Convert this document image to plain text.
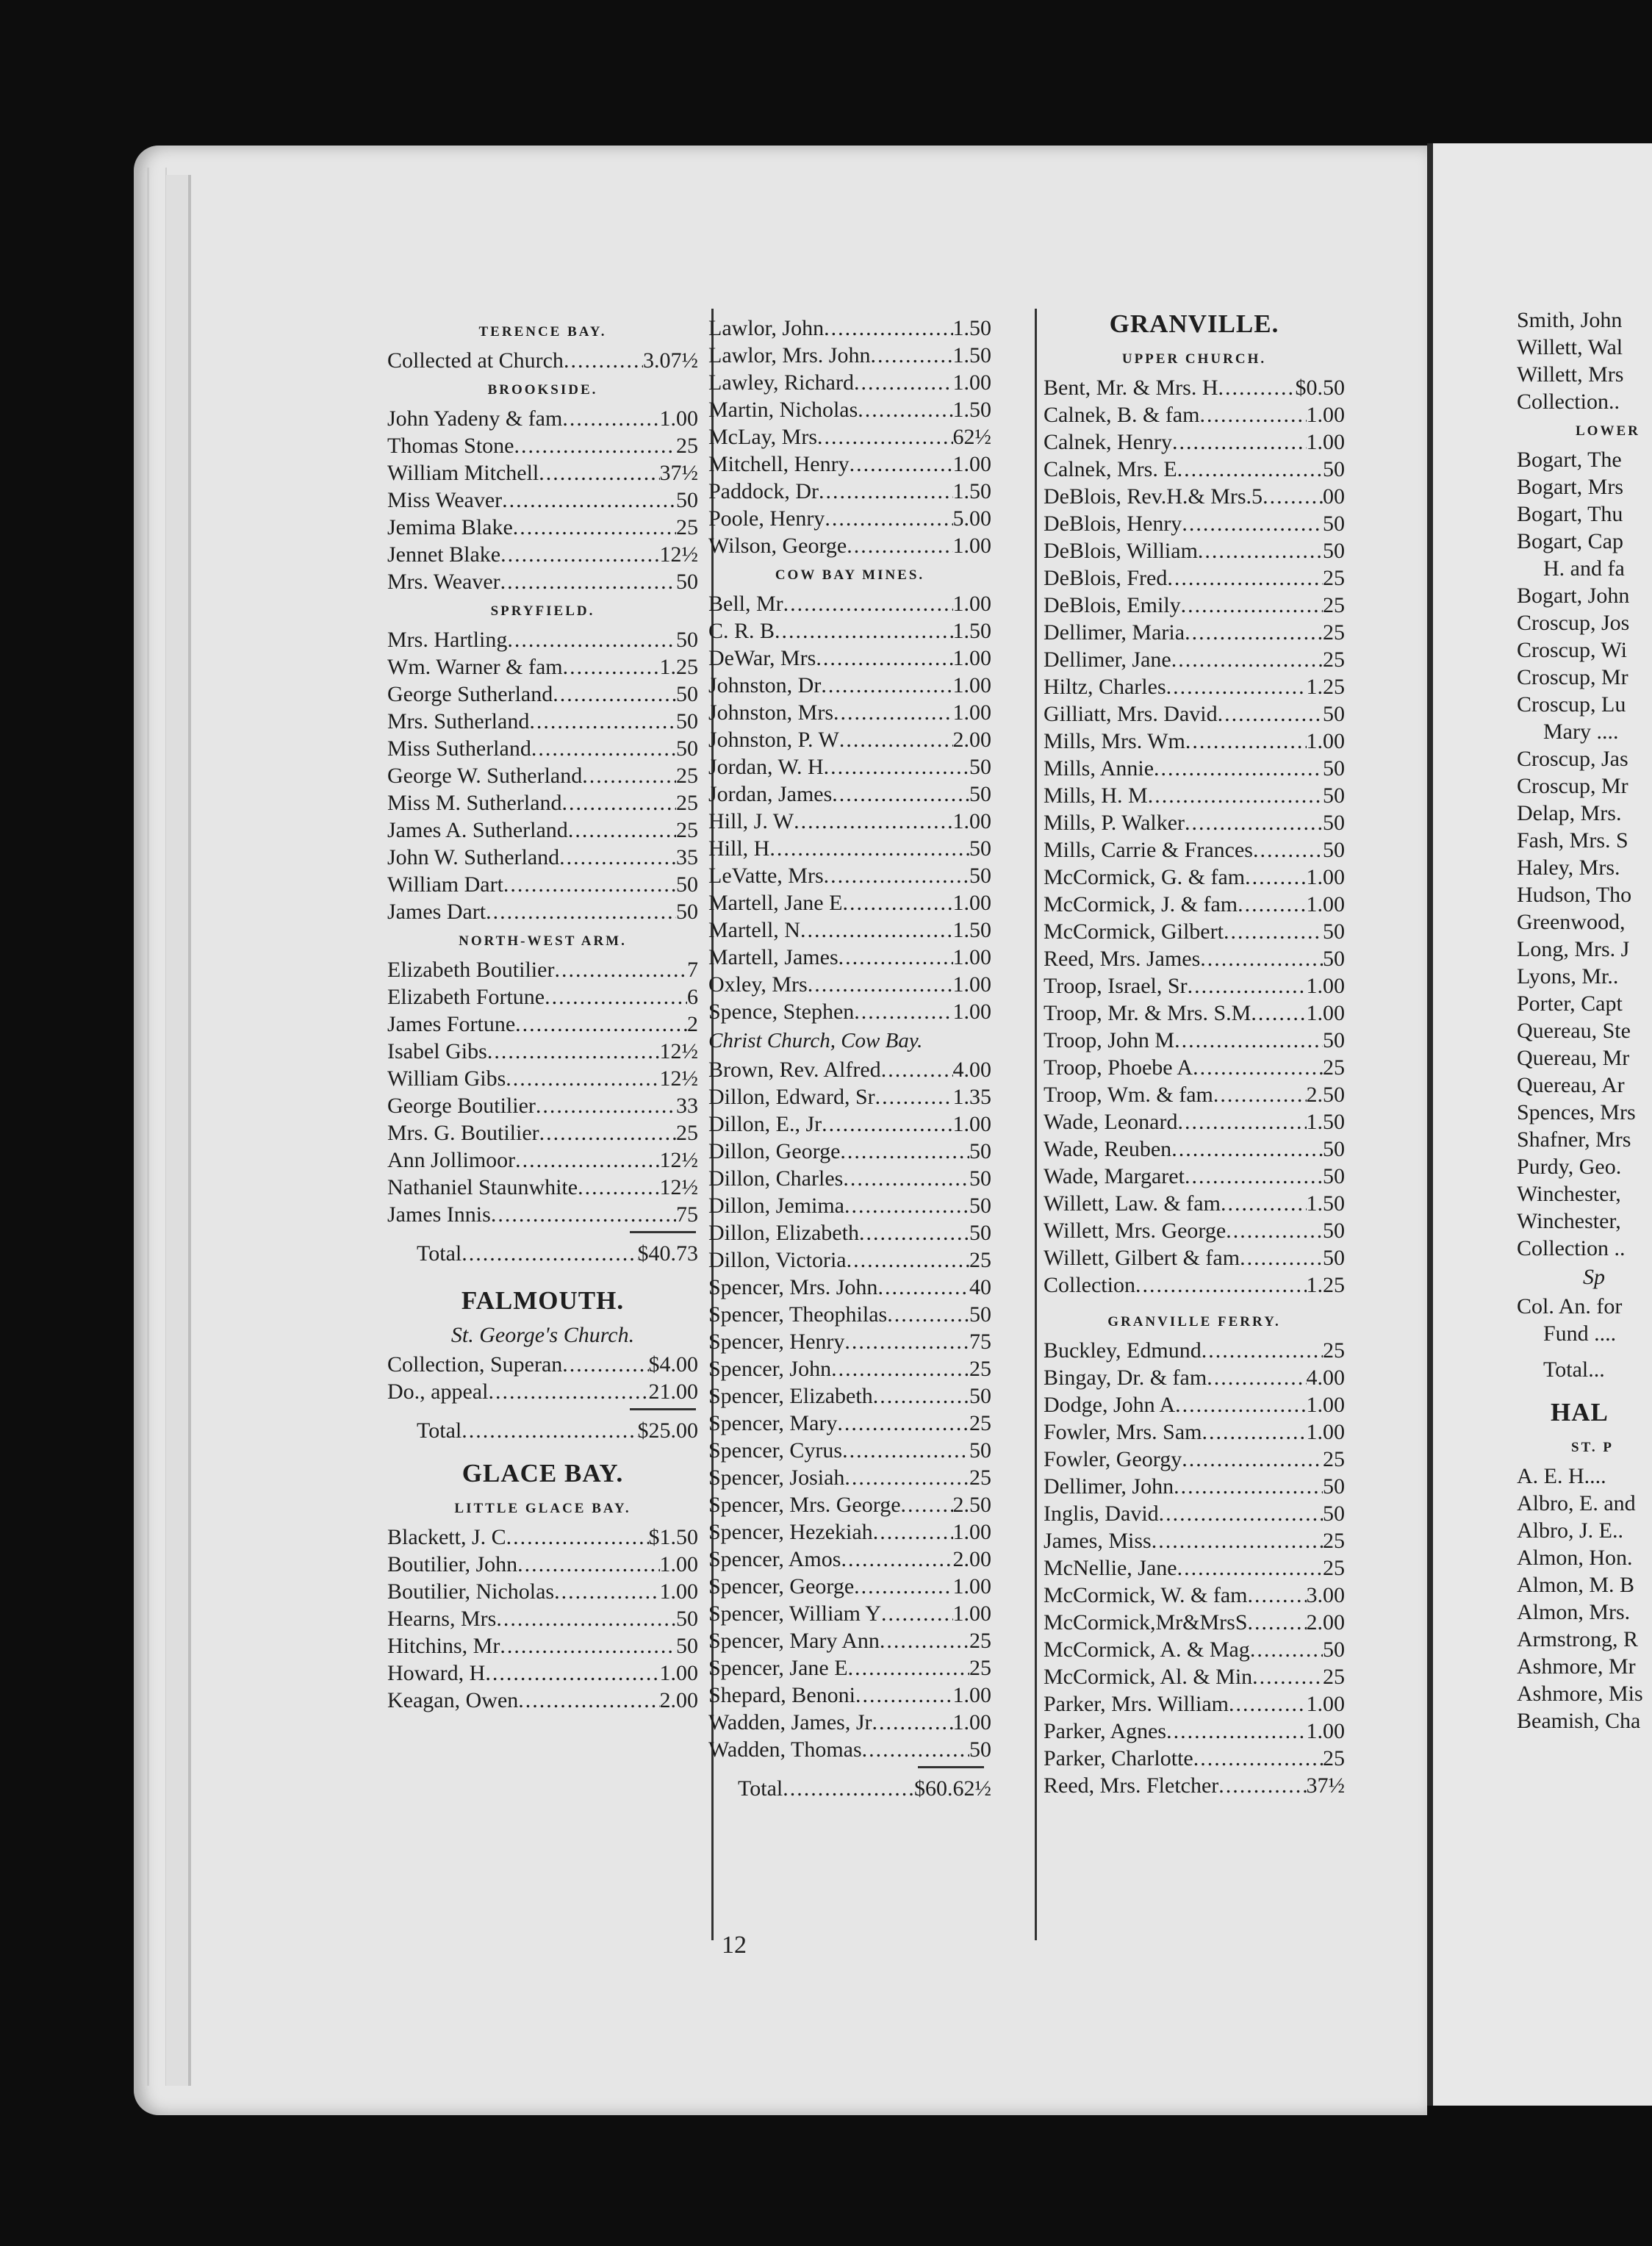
TERENCE BAY.
Collected at Church .....	3.07½
BROOKSIDE.
John Yadeny & fam .....	1.00
Thomas Stone .....	25
William Mitchell .....	37½
Miss Weaver .....	50
Jemima Blake .....	25
Jennet Blake .....	12½
Mrs. Weaver .....	50
SPRYFIELD.
Mrs. Hartling .....	50
Wm. Warner & fam .....	1.25
George Sutherland .....	50
Mrs. Sutherland .....	50
Miss Sutherland .....	50
George W. Sutherland .....	25
Miss M. Sutherland .....	25
James A. Sutherland .....	25
John W. Sutherland .....	35
William Dart .....	50
James Dart .....	50
NORTH-WEST ARM.
Elizabeth Boutilier .....	7
Elizabeth Fortune .....	6
James Fortune .....	2
Isabel Gibs .....	12½
William Gibs .....	12½
George Boutilier .....	33
Mrs. G. Boutilier .....	25
Ann Jollimoor .....	12½
Nathaniel Staunwhite .....	12½
James Innis .....	75
Total .....	$40.73
FALMOUTH.
St. George's Church.
Collection, Superan .....	$4.00
Do., appeal .....	21.00
Total .....	$25.00
GLACE BAY.
LITTLE GLACE BAY.
Blackett, J. C .....	$1.50
Boutilier, John .....	1.00
Boutilier, Nicholas .....	1.00
Hearns, Mrs .....	50
Hitchins, Mr .....	50
Howard, H .....	1.00
Keagan, Owen .....	2.00
Lawlor, John .....	1.50
Lawlor, Mrs. John .....	1.50
Lawley, Richard .....	1.00
Martin, Nicholas .....	1.50
McLay, Mrs .....	62½
Mitchell, Henry .....	1.00
Paddock, Dr .....	1.50
Poole, Henry .....	5.00
Wilson, George .....	1.00
COW BAY MINES.
Bell, Mr .....	1.00
C. R. B .....	1.50
DeWar, Mrs .....	1.00
Johnston, Dr .....	1.00
Johnston, Mrs .....	1.00
Johnston, P. W .....	2.00
Jordan, W. H .....	50
Jordan, James .....	50
Hill, J. W .....	1.00
Hill, H .....	50
LeVatte, Mrs .....	50
Martell, Jane E .....	1.00
Martell, N .....	1.50
Martell, James .....	1.00
Oxley, Mrs .....	1.00
Spence, Stephen .....	1.00
Christ Church, Cow Bay.
Brown, Rev. Alfred .....	4.00
Dillon, Edward, Sr .....	1.35
Dillon, E., Jr .....	1.00
Dillon, George .....	50
Dillon, Charles .....	50
Dillon, Jemima .....	50
Dillon, Elizabeth .....	50
Dillon, Victoria .....	25
Spencer, Mrs. John .....	40
Spencer, Theophilas .....	50
Spencer, Henry .....	75
Spencer, John .....	25
Spencer, Elizabeth .....	50
Spencer, Mary .....	25
Spencer, Cyrus .....	50
Spencer, Josiah .....	25
Spencer, Mrs. George ..... 2.50
Spencer, Hezekiah .....	1.00
Spencer, Amos .....	2.00
Spencer, George .....	1.00
Spencer, William Y .....	1.00
Spencer, Mary Ann .....	25
Spencer, Jane E .....	25
Shepard, Benoni .....	1.00
Wadden, James, Jr .....	1.00
Wadden, Thomas .....	50
Total .....	$60.62½
GRANVILLE.
UPPER CHURCH.
Bent, Mr. & Mrs. H .....	$0.50
Calnek, B. & fam .....	1.00
Calnek, Henry .....	1.00
Calnek, Mrs. E .....	50
DeBlois, Rev.H.& Mrs.5 .....	00
DeBlois, Henry .....	50
DeBlois, William .....	50
DeBlois, Fred .....	25
DeBlois, Emily .....	25
Dellimer, Maria .....	25
Dellimer, Jane .....	25
Hiltz, Charles .....	1.25
Gilliatt, Mrs. David .....	50
Mills, Mrs. Wm .....	1.00
Mills, Annie .....	50
Mills, H. M .....	50
Mills, P. Walker .....	50
Mills, Carrie & Frances .....	50
McCormick, G. & fam .....	1.00
McCormick, J. & fam .....	1.00
McCormick, Gilbert .....	50
Reed, Mrs. James .....	50
Troop, Israel, Sr .....	1.00
Troop, Mr. & Mrs. S.M .....	1.00
Troop, John M .....	50
Troop, Phoebe A .....	25
Troop, Wm. & fam .....	2.50
Wade, Leonard .....	1.50
Wade, Reuben .....	50
Wade, Margaret .....	50
Willett, Law. & fam .....	1.50
Willett, Mrs. George .....	50
Willett, Gilbert & fam .....	50
Collection .....	1.25
GRANVILLE FERRY.
Buckley, Edmund .....	25
Bingay, Dr. & fam .....	4.00
Dodge, John A .....	1.00
Fowler, Mrs. Sam .....	1.00
Fowler, Georgy .....	25
Dellimer, John .....	50
Inglis, David .....	50
James, Miss .....	25
McNellie, Jane .....	25
McCormick, W. & fam .....	3.00
McCormick,Mr&MrsS .....	2.00
McCormick, A. & Mag .....	50
McCormick, Al. & Min .....	25
Parker, Mrs. William .....	1.00
Parker, Agnes .....	1.00
Parker, Charlotte .....	25
Reed, Mrs. Fletcher .....	37½
12
Smith, John
Willett, Wal
Willett, Mrs
Collection..
LOWER
Bogart, The
Bogart, Mrs
Bogart, Thu
Bogart, Cap
H. and fa
Bogart, John
Croscup, Jos
Croscup, Wi
Croscup, Mr
Croscup, Lu
Mary ....
Croscup, Jas
Croscup, Mr
Delap, Mrs.
Fash, Mrs. S
Haley, Mrs.
Hudson, Tho
Greenwood,
Long, Mrs. J
Lyons, Mr..
Porter, Capt
Quereau, Ste
Quereau, Mr
Quereau, Ar
Spences, Mrs
Shafner, Mrs
Purdy, Geo.
Winchester,
Winchester,
Collection ..
Sp
Col. An. for
Fund ....
Total...
HAL
ST. P
A. E. H....
Albro, E. and
Albro, J. E..
Almon, Hon.
Almon, M. B
Almon, Mrs.
Armstrong, R
Ashmore, Mr
Ashmore, Mis
Beamish, Cha
